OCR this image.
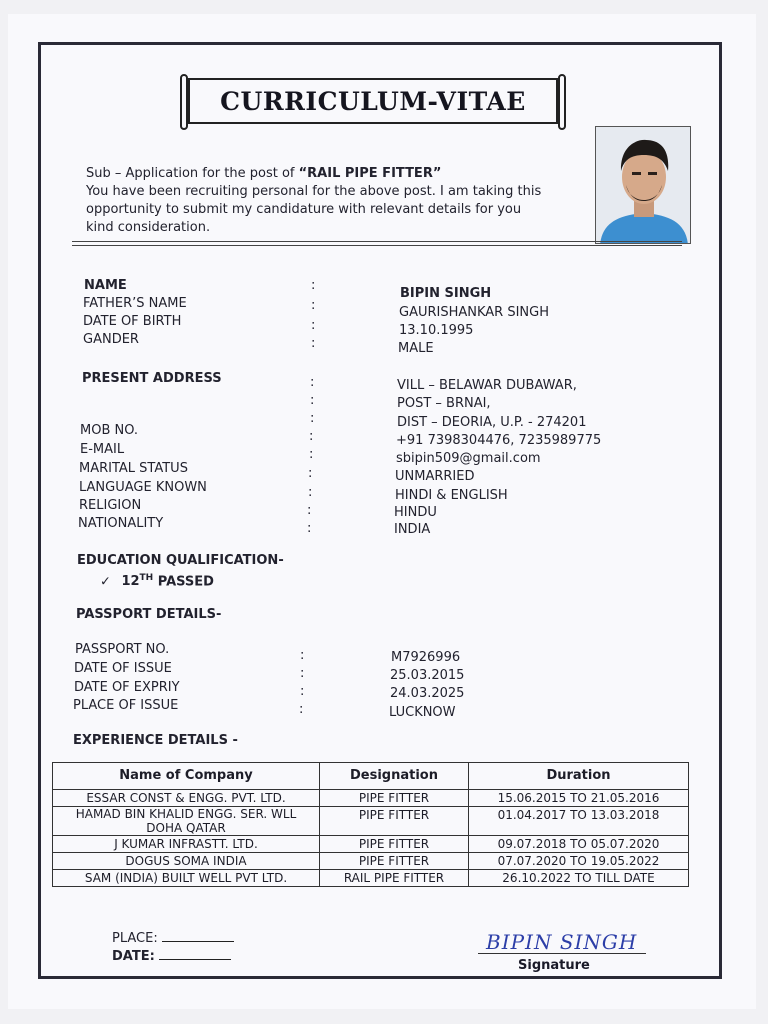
CURRICULUM-VITAE
Sub – Application for the post of “RAIL PIPE FITTER”
You have been recruiting personal for the above post. I am taking this
opportunity to submit my candidature with relevant details for you
kind consideration.
NAME	:
BIPIN SINGH
FATHER’S NAME	:	GAURISHANKAR SINGH
DATE OF BIRTH	:	13.10.1995
GANDER	:	MALE
PRESENT ADDRESS	:
:
:
VILL – BELAWAR DUBAWAR,
POST – BRNAI,
DIST – DEORIA, U.P. - 274201
MOB NO.	:	+91 7398304476, 7235989775
E-MAIL	:	sbipin509@gmail.com
MARITAL STATUS	:	UNMARRIED
LANGUAGE KNOWN	:	HINDI & ENGLISH
RELIGION	:	HINDU
NATIONALITY	:	INDIA
EDUCATION QUALIFICATION-
✓ 12TH PASSED
PASSPORT DETAILS-
PASSPORT NO.	:	M7926996
DATE OF ISSUE	:	25.03.2015
DATE OF EXPRIY	:	24.03.2025
PLACE OF ISSUE	:	LUCKNOW
EXPERIENCE DETAILS -
Name of Company	Designation	Duration
ESSAR CONST & ENGG. PVT. LTD.	PIPE FITTER	15.06.2015 TO 21.05.2016
HAMAD BIN KHALID ENGG. SER. WLL DOHA QATAR	PIPE FITTER	01.04.2017 TO 13.03.2018
J KUMAR INFRASTT. LTD.	PIPE FITTER	09.07.2018 TO 05.07.2020
DOGUS SOMA INDIA	PIPE FITTER	07.07.2020 TO 19.05.2022
SAM (INDIA) BUILT WELL PVT LTD.	RAIL PIPE FITTER	26.10.2022 TO TILL DATE
PLACE:
DATE:
BIPIN SINGH
Signature
